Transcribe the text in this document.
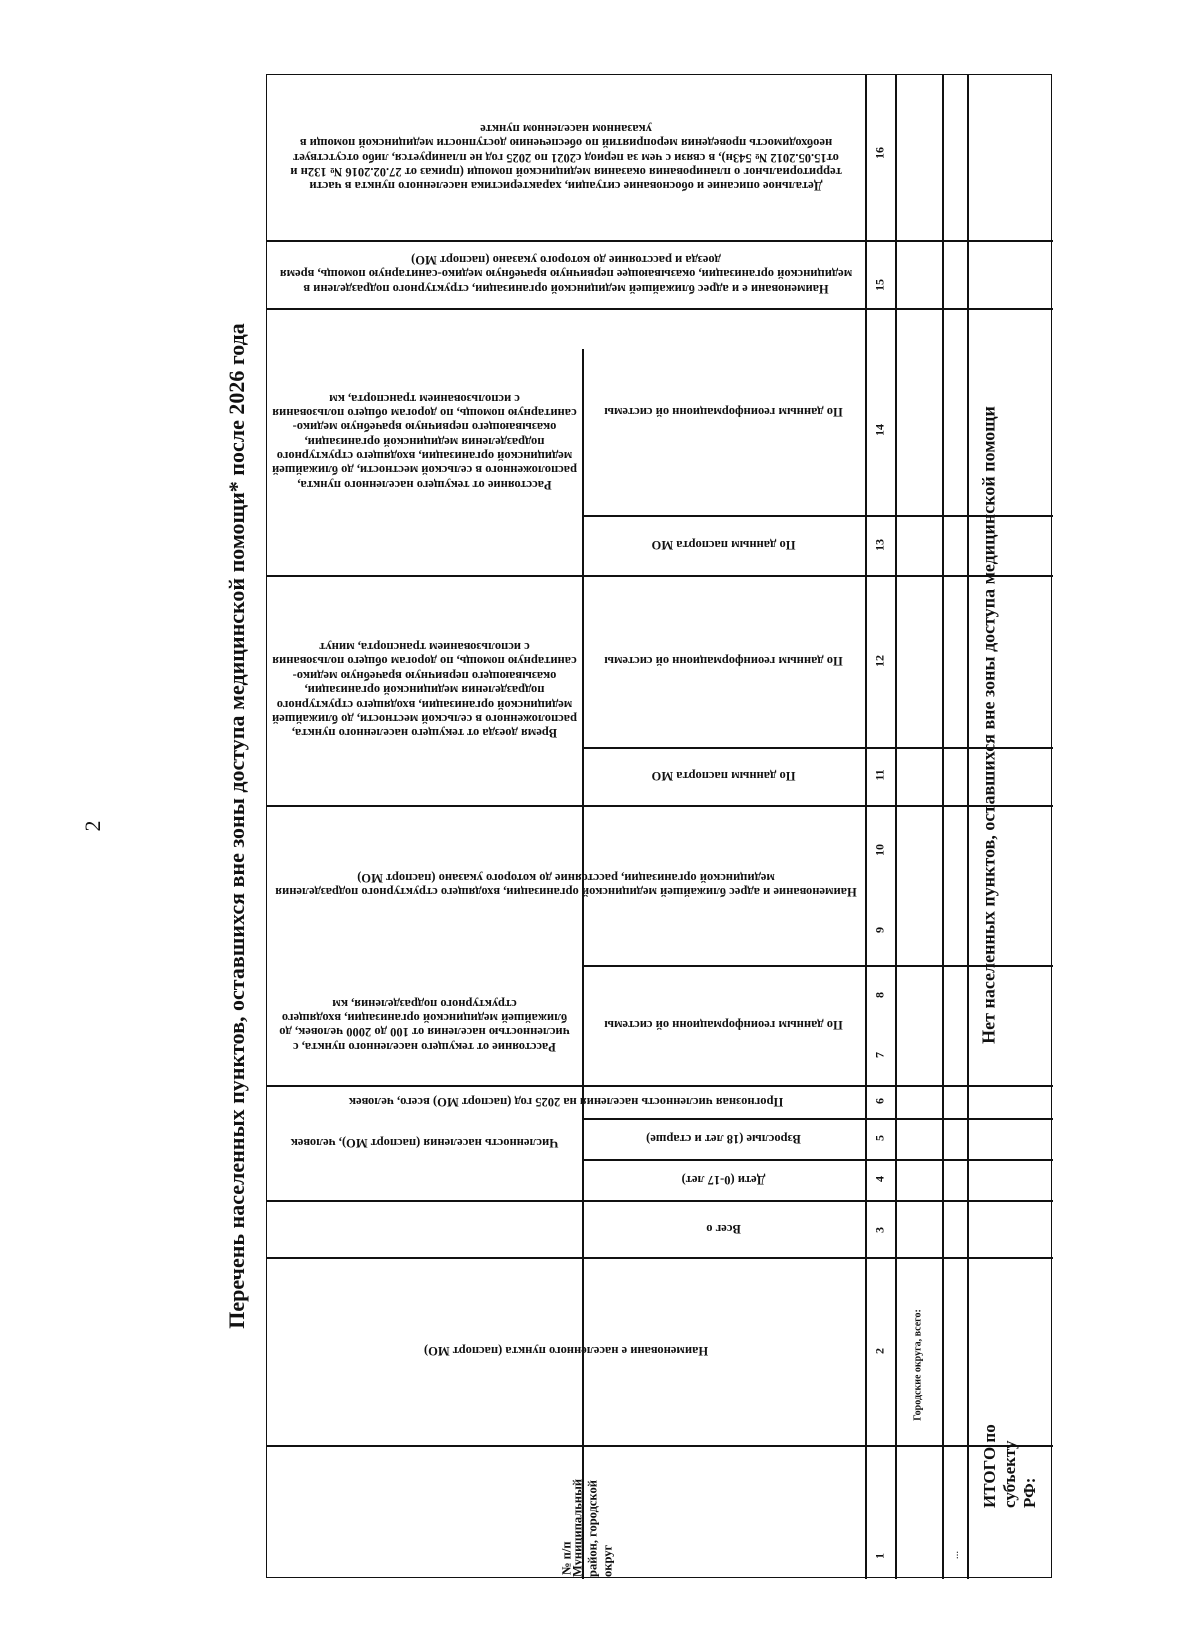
2	Перечень населенных пунктов, оставшихся вне зоны доступа медицинской помощи* после 2026 года
Детальное описание и обоснование ситуации, характеристика населенного пункта в части территориальног о планирования оказания медицинской помощи (приказ от 27.02.2016 № 132н и от15.05.2012 № 543н), в связи с чем за период с2021 по 2025 год не планируется, либо отсутствует необходимость проведения мероприятий по обеспечению доступности медицинской помощи в указанном населенном пункте
Наименовани е и адрес ближайшей медицинской организации, структурного подразделени в медицинской организации, оказывающее первичную врачебную медико-санитарную помощь, время доезда и расстояние до которого указано (паспорт МО)
Расстояние от текущего населенного пункта, расположенного в сельской местности, до ближайшей медицинской организации, входящего структурного подразделения медицинской организации, оказывающего первичную врачебную медико-санитарную помощь, по дорогам общего пользования с использованием транспорта, км
По данным геоинформационн ой системы
По данным паспорта МО
Время доезда от текущего населенного пункта, расположенного в сельской местности, до ближайшей медицинской организации, входящего структурного подразделения медицинской организации, оказывающего первичную врачебную медико-санитарную помощь, по дорогам общего пользования с использованием транспорта, минут
По данным геоинформационн ой системы
По данным паспорта МО
Наименование и адрес ближайшей медицинской организации, входящего структурного подразделения медицинской организации, расстояние до которого указано (паспорт МО)
Расстояние от текущего населенного пункта, с численностью населения от 100 до 2000 человек, до ближайшей медицинской организации, входящего структурного подразделения, км
По данным геоинформационн ой системы
Прогнозная численность населения на 2025 год (паспорт МО) всего, человек
Взрослые (18 лет и старше)
Дети (0-17 лет)
Численность населения (паспорт МО), человек
Всег о
Наименовани е населенного пункта (паспорт МО)
Муниципальный район, городской округ
№ п/п	1
2
3
4
5
6
7
8
9
10
11
12
13
14
15
16
Городские округа, всего:
...
ИТОГО по субъекту РФ:
Нет населенных пунктов, оставшихся вне зоны доступа медицинской помощи
